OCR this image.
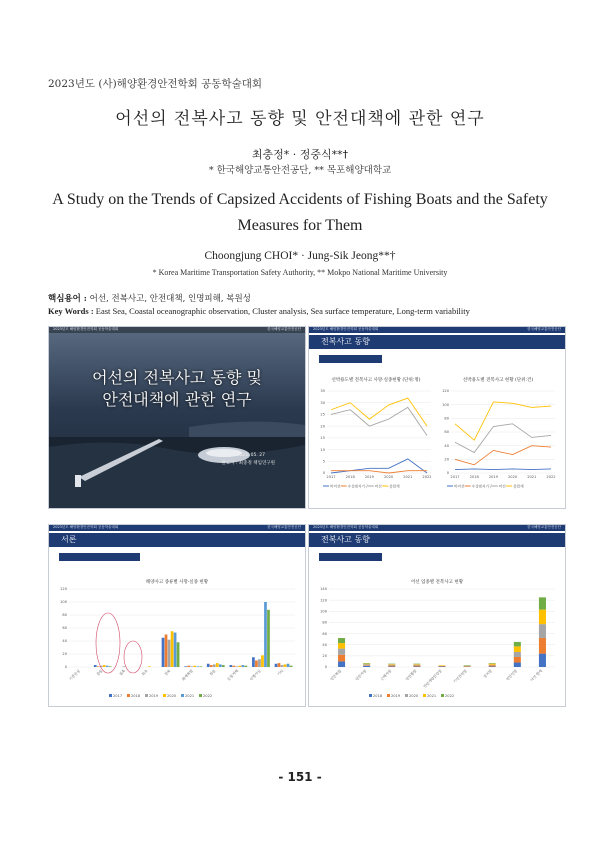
2023년도 (사)해양환경안전학회 공동학술대회
어선의 전복사고 동향 및 안전대책에 관한 연구
최충정* · 정중식**†
* 한국해양교통안전공단, ** 목포해양대학교
A Study on the Trends of Capsized Accidents of Fishing Boats and the Safety Measures for Them
Choongjung CHOI* · Jung-Sik Jeong**†
* Korea Maritime Transportation Safety Authority, ** Mokpo National Maritime University
핵심용어 : 어선, 전복사고, 안전대책, 인명피해, 복원성
Key Words : East Sea, Coastal oceanographic observation, Cluster analysis, Sea surface temperature, Long-term variability
2023년도 해양환경안전학회 공동학술대회	한국해양교통안전공단
어선의 전복사고 동향 및
안전대책에 관한 연구
2023. 05. 27
발표자 : 최충정 책임연구원
2023년도 해양환경안전학회 공동학술대회	한국해양교통안전공단
전복사고 동향
선박용도별 전복사고 현황
선박용도별 전복사고 사망·실종현황 (단위:명)	선박용도별 전복사고 현황 (단위:건)
0
5
10
15
20
25
30
35
2017	2018	2019	2020	2021	2022
비어선 수상레저기구 어선 총합계
0
20
40
60
80
100
120
2017	2018	2019	2020	2021	2022
비어선 수상레저기구 어선 총합계
2023년도 해양환경안전학회 공동학술대회	한국해양교통안전공단
서론
최근 5년간 사고종류별 사망·실종자
해양사고 종류별 사망·실종 현황
0
20
40
60
80
100
120
기관손상	충돌	접촉	좌초	전복	화재폭발	침몰	운항저해	인명사상	기타
2017 2018 2019 2020 2021 2022
2023년도 해양환경안전학회 공동학술대회	한국해양교통안전공단
전복사고 동향
어선 업종별 전복사고현황
어선 업종별 전복사고 현황
0
20
40
60
80
100
120
140
연안복합	연안자망	근해자망	연안통발 연안개량안강망	기선권현망	정치망	연안선망	어선 합계
2018 2019 2020 2021 2022
- 151 -
